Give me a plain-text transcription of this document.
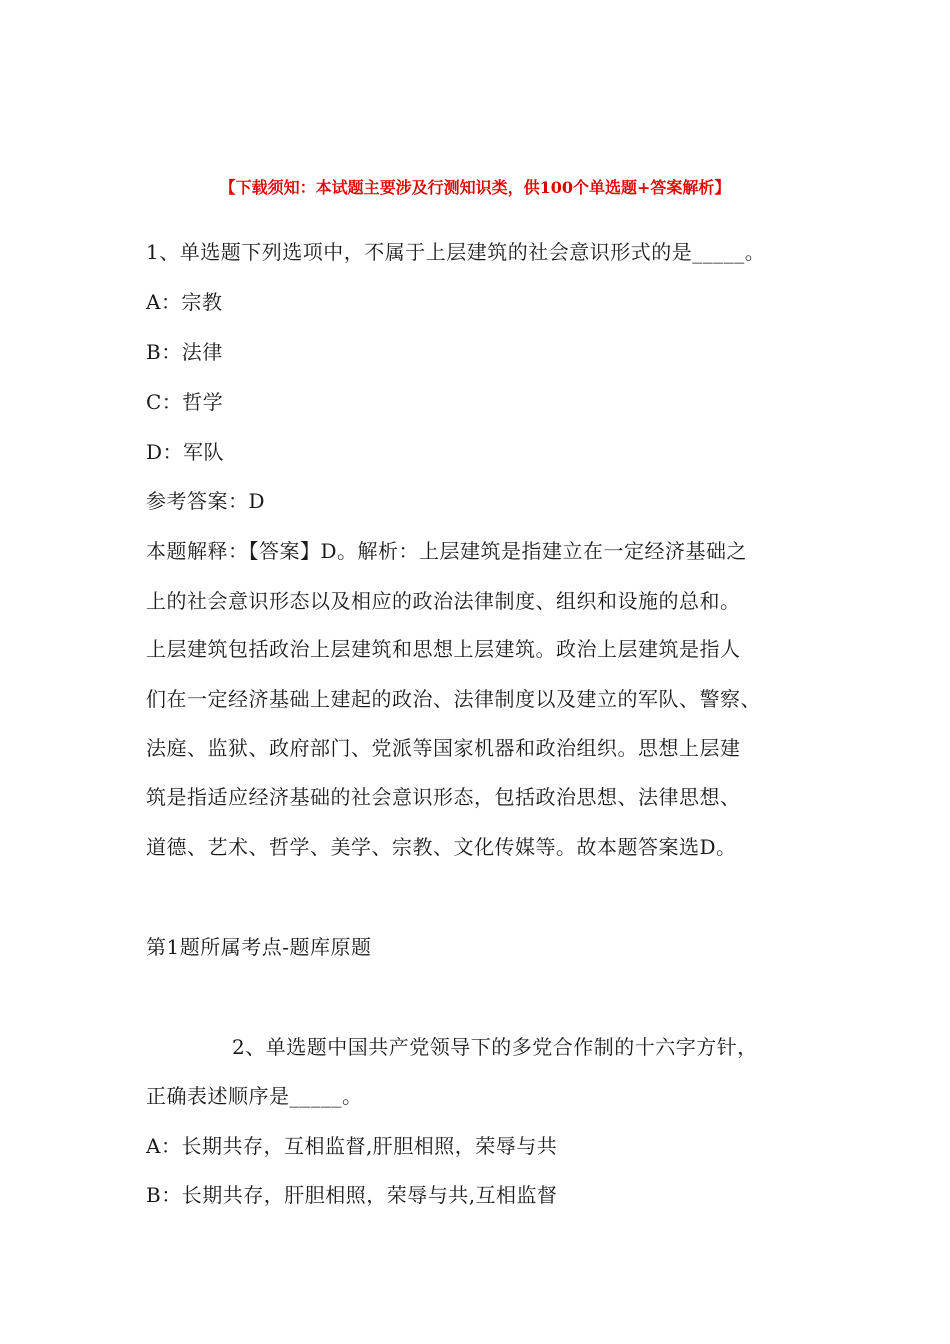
【下载须知：本试题主要涉及行测知识类，供100个单选题+答案解析】
1、单选题下列选项中，不属于上层建筑的社会意识形式的是_____。
A：宗教
B：法律
C：哲学
D：军队
参考答案：D
本题解释：【答案】D。解析：上层建筑是指建立在一定经济基础之
上的社会意识形态以及相应的政治法律制度、组织和设施的总和。
上层建筑包括政治上层建筑和思想上层建筑。政治上层建筑是指人
们在一定经济基础上建起的政治、法律制度以及建立的军队、警察、
法庭、监狱、政府部门、党派等国家机器和政治组织。思想上层建
筑是指适应经济基础的社会意识形态，包括政治思想、法律思想、
道德、艺术、哲学、美学、宗教、文化传媒等。故本题答案选D。
第1题所属考点-题库原题
2、单选题中国共产党领导下的多党合作制的十六字方针，
正确表述顺序是_____。
A：长期共存，互相监督,肝胆相照，荣辱与共
B：长期共存，肝胆相照，荣辱与共,互相监督
